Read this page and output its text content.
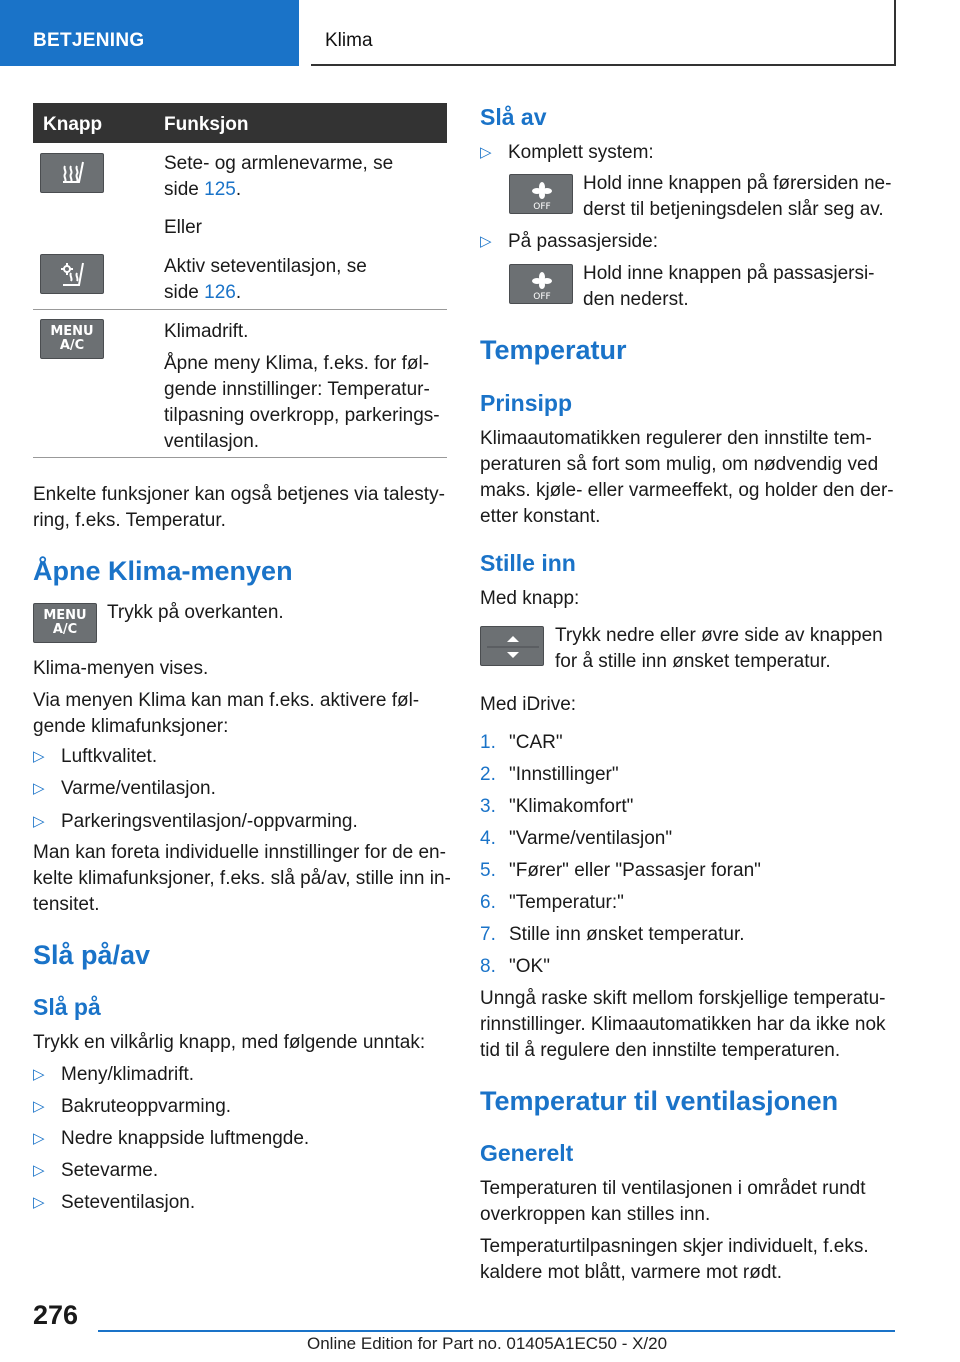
BETJENING	Klima
Knapp	Funksjon
Sete- og armlenevarme, se
side 125.
Eller
Aktiv seteventilasjon, se
side 126.
MENU
A/C
Klimadrift.
Åpne meny Klima, f.eks. for føl-
gende innstillinger: Temperatur-
tilpasning overkropp, parkerings-
ventilasjon.

Enkelte funksjoner kan også betjenes via talesty-

ring, f.eks. Temperatur.

Åpne Klima-menyen
MENU
A/C

Trykk på overkanten.

Klima-menyen vises.

Via menyen Klima kan man f.eks. aktivere føl-

gende klimafunksjoner:

▷ Luftkvalitet.
▷ Varme/ventilasjon.
▷ Parkeringsventilasjon/-oppvarming.

Man kan foreta individuelle innstillinger for de en-

kelte klimafunksjoner, f.eks. slå på/av, stille inn in-

tensitet.

Slå på/av
Slå på

Trykk en vilkårlig knapp, med følgende unntak:

▷ Meny/klimadrift.
▷ Bakruteoppvarming.
▷ Nedre knappside luftmengde.
▷ Setevarme.
▷ Seteventilasjon.
Slå av
▷ Komplett system:
OFF

Hold inne knappen på førersiden ne-

derst til betjeningsdelen slår seg av.

▷ På passasjerside:
OFF

Hold inne knappen på passasjersi-

den nederst.

Temperatur
Prinsipp

Klimaautomatikken regulerer den innstilte tem-

peraturen så fort som mulig, om nødvendig ved

maks. kjøle- eller varmeeffekt, og holder den der-

etter konstant.

Stille inn

Med knapp:

Trykk nedre eller øvre side av knappen

for å stille inn ønsket temperatur.

Med iDrive:

1. "CAR"
2. "Innstillinger"
3. "Klimakomfort"
4. "Varme/ventilasjon"
5. "Fører" eller "Passasjer foran"
6. "Temperatur:"
7. Stille inn ønsket temperatur.
8. "OK"

Unngå raske skift mellom forskjellige temperatu-

rinnstillinger. Klimaautomatikken har da ikke nok

tid til å regulere den innstilte temperaturen.

Temperatur til ventilasjonen
Generelt

Temperaturen til ventilasjonen i området rundt

overkroppen kan stilles inn.

Temperaturtilpasningen skjer individuelt, f.eks.

kaldere mot blått, varmere mot rødt.

276
Online Edition for Part no. 01405A1EC50 - X/20
